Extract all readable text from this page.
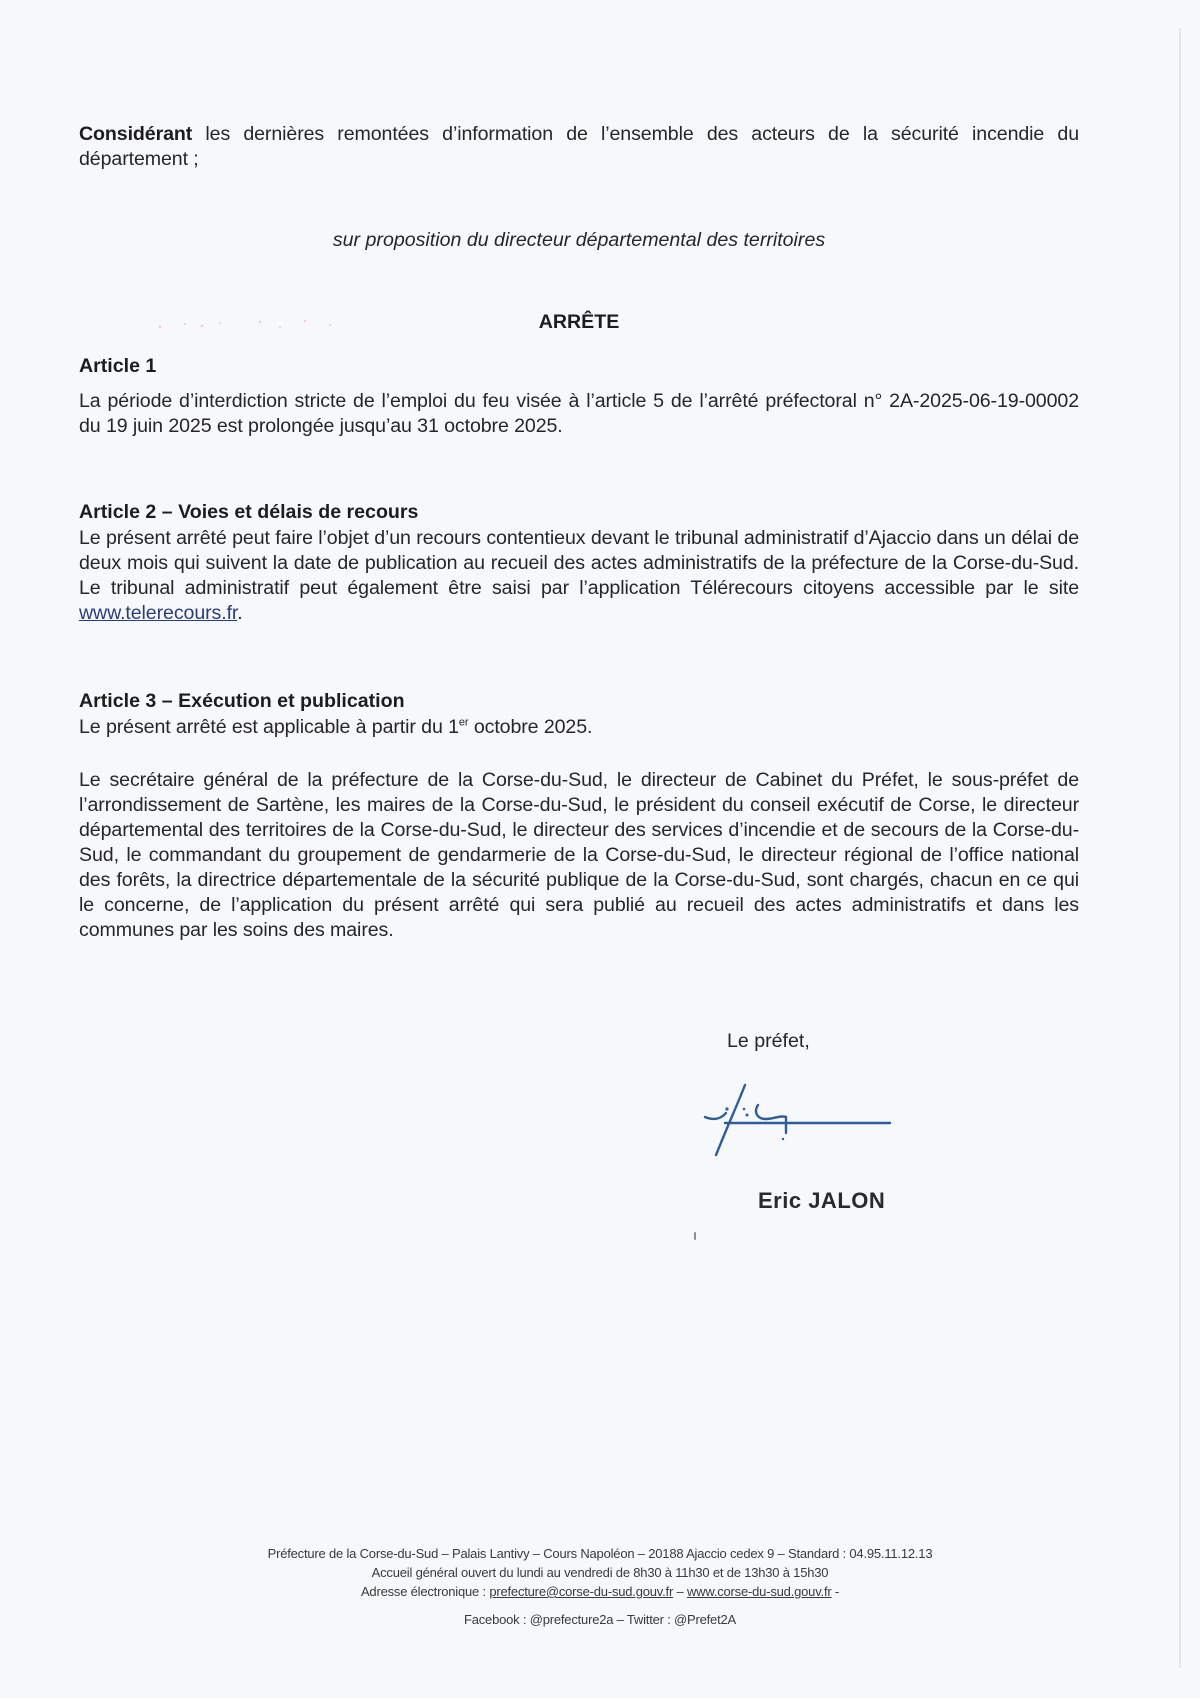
Considérant les dernières remontées d’information de l’ensemble des acteurs de la sécurité incendie du département ;
sur proposition du directeur départemental des territoires
ARRÊTE
Article 1
La période d’interdiction stricte de l’emploi du feu visée à l’article 5 de l’arrêté préfectoral n° 2A-2025-06-19-00002 du 19 juin 2025 est prolongée jusqu’au 31 octobre 2025.
Article 2 – Voies et délais de recours
Le présent arrêté peut faire l’objet d’un recours contentieux devant le tribunal administratif d’Ajaccio dans un délai de deux mois qui suivent la date de publication au recueil des actes administratifs de la préfecture de la Corse-du-Sud. Le tribunal administratif peut également être saisi par l’application Télérecours citoyens accessible par le site www.telerecours.fr.
Article 3 – Exécution et publication
Le présent arrêté est applicable à partir du 1er octobre 2025.
Le secrétaire général de la préfecture de la Corse-du-Sud, le directeur de Cabinet du Préfet, le sous-préfet de l’arrondissement de Sartène, les maires de la Corse-du-Sud, le président du conseil exécutif de Corse, le directeur départemental des territoires de la Corse-du-Sud, le directeur des services d’incendie et de secours de la Corse-du-Sud, le commandant du groupement de gendarmerie de la Corse-du-Sud, le directeur régional de l’office national des forêts, la directrice départementale de la sécurité publique de la Corse-du-Sud, sont chargés, chacun en ce qui le concerne, de l’application du présent arrêté qui sera publié au recueil des actes administratifs et dans les communes par les soins des maires.
Le préfet,
Eric JALON
Préfecture de la Corse-du-Sud – Palais Lantivy – Cours Napoléon – 20188 Ajaccio cedex 9 – Standard : 04.95.11.12.13
Accueil général ouvert du lundi au vendredi de 8h30 à 11h30 et de 13h30 à 15h30
Adresse électronique : prefecture@corse-du-sud.gouv.fr – www.corse-du-sud.gouv.fr -
Facebook : @prefecture2a – Twitter : @Prefet2A
